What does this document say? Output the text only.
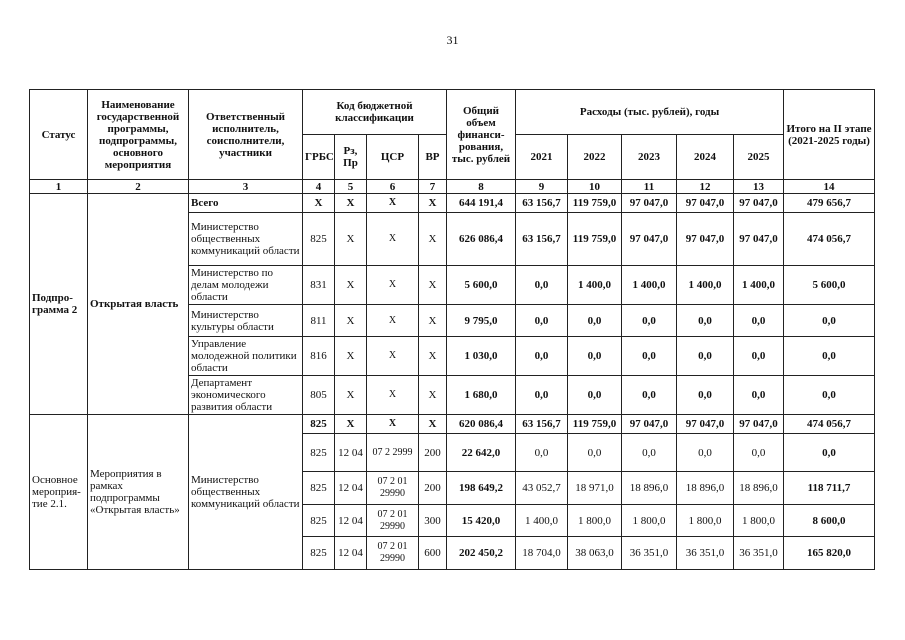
31
Статус	Наименование государственной программы, подпрограммы, основного мероприятия	Ответственный исполнитель, соисполнители, участники	Код бюджетной классификации				Общий объем финанси-рования, тыс. рублей	Расходы (тыс. рублей), годы					Итого на II этапе (2021-2025 годы)
			ГРБС	Рз, Пр	ЦСР	ВР		2021	2022	2023	2024	2025	
1	2	3	4	5	6	7	8	9	10	11	12	13	14
Подпро-грамма 2	Открытая власть	Всего	X	X	X	X	644 191,4	63 156,7	119 759,0	97 047,0	97 047,0	97 047,0	479 656,7
		Министерство общественных коммуникаций области	825	X	X	X	626 086,4	63 156,7	119 759,0	97 047,0	97 047,0	97 047,0	474 056,7
		Министерство по делам молодежи области	831	X	X	X	5 600,0	0,0	1 400,0	1 400,0	1 400,0	1 400,0	5 600,0
		Министерство культуры области	811	X	X	X	9 795,0	0,0	0,0	0,0	0,0	0,0	0,0
		Управление молодежной политики области	816	X	X	X	1 030,0	0,0	0,0	0,0	0,0	0,0	0,0
		Департамент экономического развития области	805	X	X	X	1 680,0	0,0	0,0	0,0	0,0	0,0	0,0
Основное мероприя-тие 2.1.	Мероприятия в рамках подпрограммы «Открытая власть»	Министерство общественных коммуникаций области	825	X	X	X	620 086,4	63 156,7	119 759,0	97 047,0	97 047,0	97 047,0	474 056,7
			825	12 04	07 2 2999	200	22 642,0	0,0	0,0	0,0	0,0	0,0	0,0
			825	12 04	07 2 01 29990	200	198 649,2	43 052,7	18 971,0	18 896,0	18 896,0	18 896,0	118 711,7
			825	12 04	07 2 01 29990	300	15 420,0	1 400,0	1 800,0	1 800,0	1 800,0	1 800,0	8 600,0
			825	12 04	07 2 01 29990	600	202 450,2	18 704,0	38 063,0	36 351,0	36 351,0	36 351,0	165 820,0
